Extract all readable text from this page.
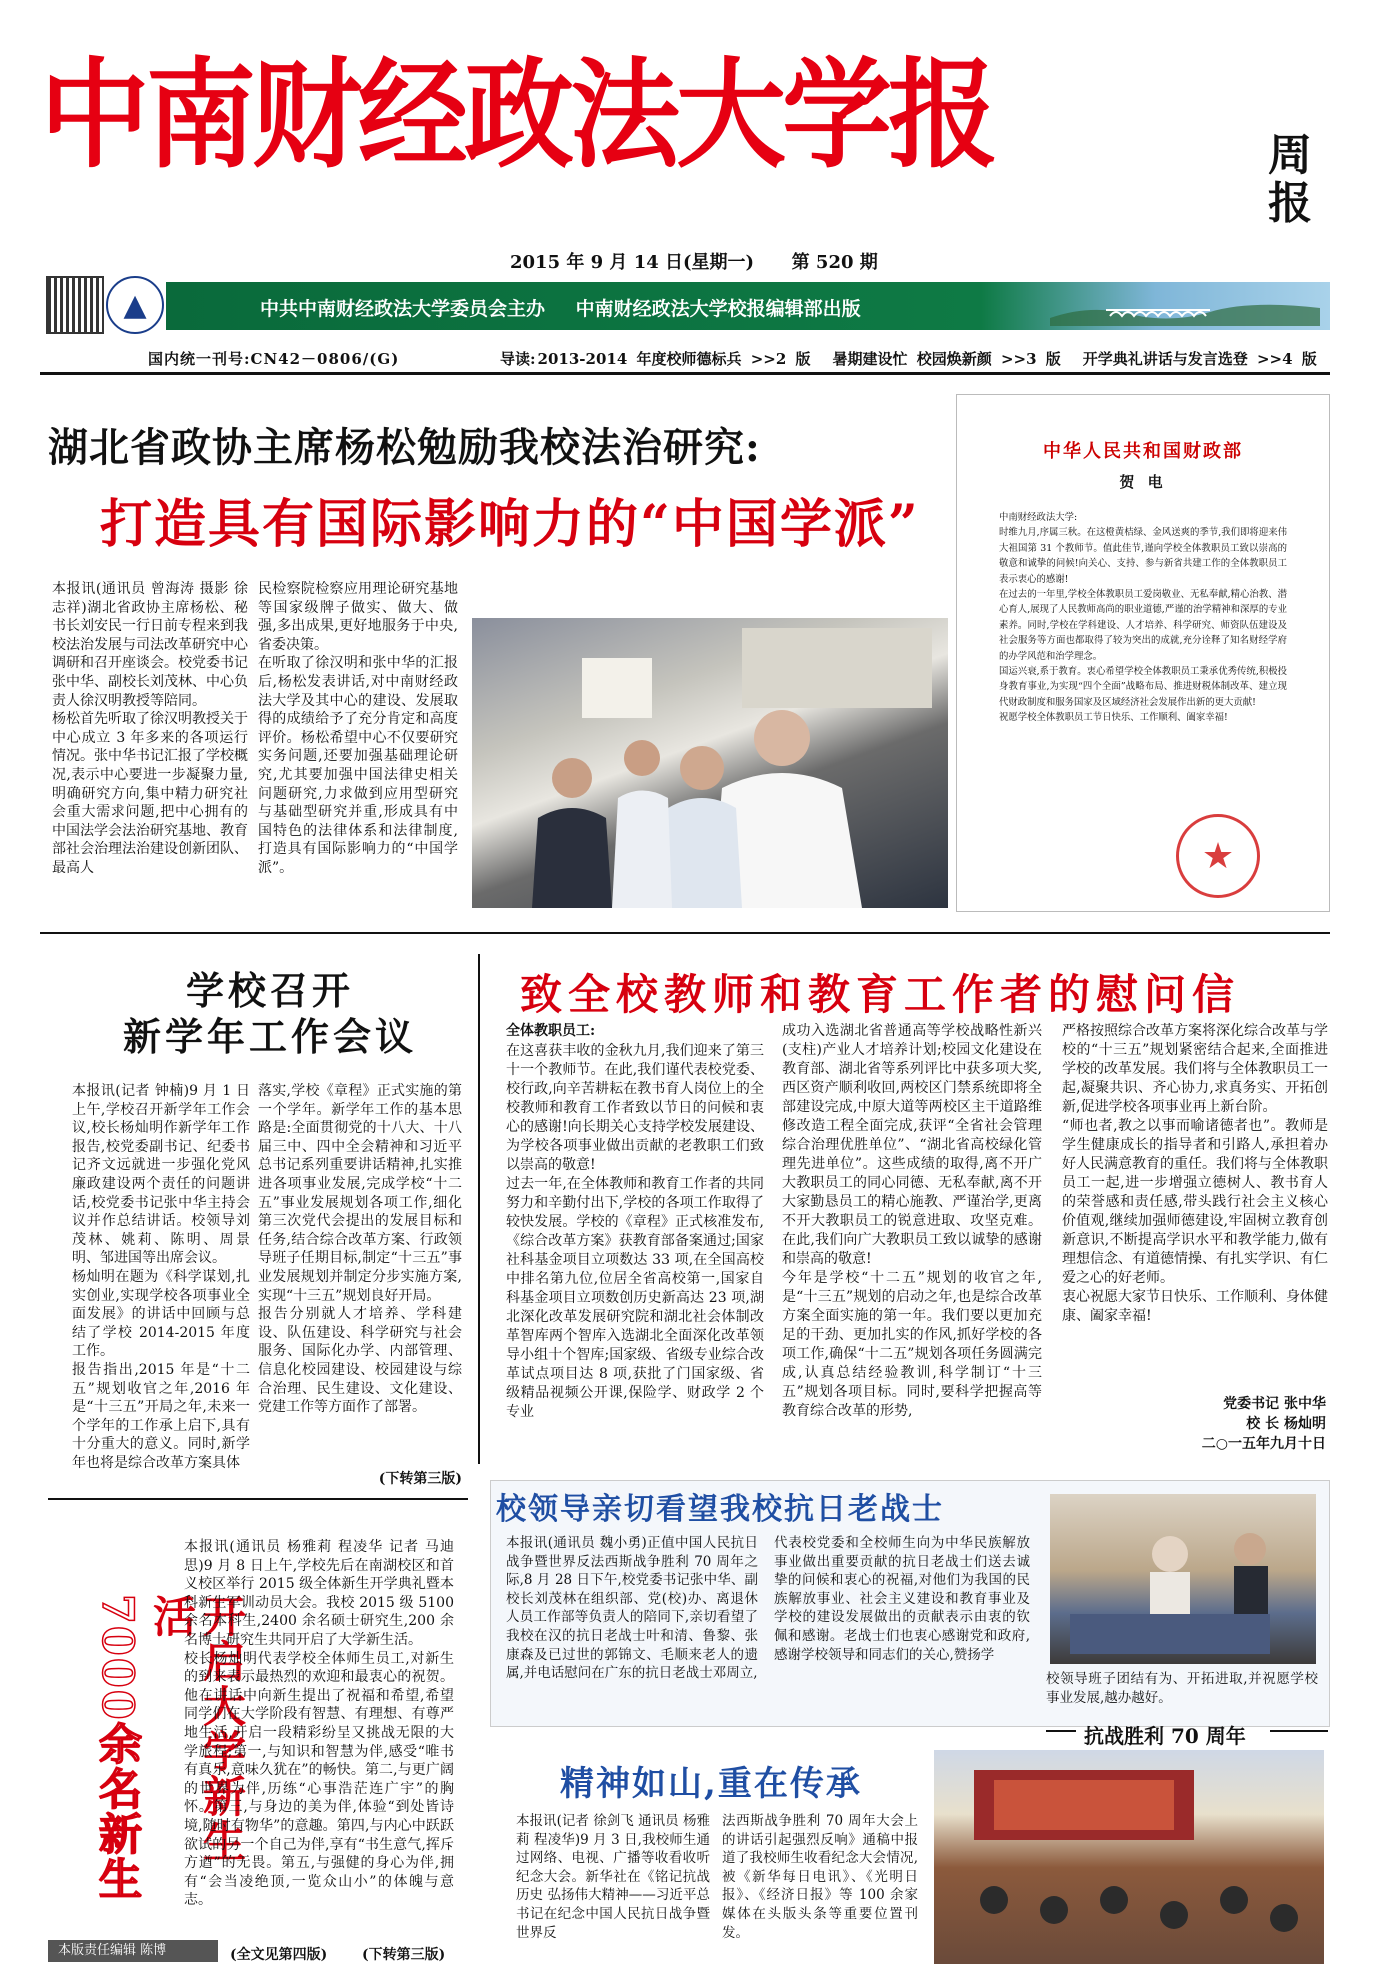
中南财经政法大学报	周报
2015 年 9 月 14 日(星期一) 第 520 期
▲	中共中南财经政法大学委员会主办 中南财经政法大学校报编辑部出版
国内统一刊号:CN42－0806/(G)	导读: 2013-2014 年度校师德标兵 >>2 版 暑期建设忙 校园焕新颜 >>3 版 开学典礼讲话与发言选登 >>4 版
湖北省政协主席杨松勉励我校法治研究:
打造具有国际影响力的“中国学派”
本报讯(通讯员 曾海涛 摄影 徐志祥)湖北省政协主席杨松、秘书长刘安民一行日前专程来到我校法治发展与司法改革研究中心调研和召开座谈会。校党委书记张中华、副校长刘茂林、中心负责人徐汉明教授等陪同。
杨松首先听取了徐汉明教授关于中心成立 3 年多来的各项运行情况。张中华书记汇报了学校概况,表示中心要进一步凝聚力量,明确研究方向,集中精力研究社会重大需求问题,把中心拥有的中国法学会法治研究基地、教育部社会治理法治建设创新团队、最高人
民检察院检察应用理论研究基地等国家级牌子做实、做大、做强,多出成果,更好地服务于中央,省委决策。
在听取了徐汉明和张中华的汇报后,杨松发表讲话,对中南财经政法大学及其中心的建设、发展取得的成绩给予了充分肯定和高度评价。杨松希望中心不仅要研究实务问题,还要加强基础理论研究,尤其要加强中国法律史相关问题研究,力求做到应用型研究与基础型研究并重,形成具有中国特色的法律体系和法律制度,打造具有国际影响力的“中国学派”。
中华人民共和国财政部
贺 电
中南财经政法大学:
时维九月,序属三秋。在这橙黄桔绿、金风送爽的季节,我们即将迎来伟大祖国第 31 个教师节。值此佳节,谨向学校全体教职员工致以崇高的敬意和诚挚的问候!向关心、支持、参与新省共建工作的全体教职员工表示衷心的感谢!
在过去的一年里,学校全体教职员工爱岗敬业、无私奉献,精心治教、潜心育人,展现了人民教师高尚的职业道德,严谨的治学精神和深厚的专业素养。同时,学校在学科建设、人才培养、科学研究、师资队伍建设及社会服务等方面也都取得了较为突出的成就,充分诠释了知名财经学府的办学风范和治学理念。
国运兴衰,系于教育。衷心希望学校全体教职员工秉承优秀传统,积极投身教育事业,为实现“四个全面”战略布局、推进财税体制改革、建立现代财政制度和服务国家及区域经济社会发展作出新的更大贡献!
祝愿学校全体教职员工节日快乐、工作顺利、阖家幸福!
★
学校召开
新学年工作会议
本报讯(记者 钟楠)9 月 1 日上午,学校召开新学年工作会议,校长杨灿明作新学年工作报告,校党委副书记、纪委书记齐文远就进一步强化党风廉政建设两个责任的问题讲话,校党委书记张中华主持会议并作总结讲话。校领导刘茂林、姚莉、陈明、周景明、邹进国等出席会议。
杨灿明在题为《科学谋划,扎实创业,实现学校各项事业全面发展》的讲话中回顾与总结了学校 2014-2015 年度工作。
报告指出,2015 年是“十二五”规划收官之年,2016 年是“十三五”开局之年,未来一个学年的工作承上启下,具有十分重大的意义。同时,新学年也将是综合改革方案具体
落实,学校《章程》正式实施的第一个学年。新学年工作的基本思路是:全面贯彻党的十八大、十八届三中、四中全会精神和习近平总书记系列重要讲话精神,扎实推进各项事业发展,完成学校“十二五”事业发展规划各项工作,细化第三次党代会提出的发展目标和任务,结合综合改革方案、行政领导班子任期目标,制定“十三五”事业发展规划并制定分步实施方案,实现“十三五”规划良好开局。
报告分别就人才培养、学科建设、队伍建设、科学研究与社会服务、国际化办学、内部管理、信息化校园建设、校园建设与综合治理、民生建设、文化建设、党建工作等方面作了部署。
(下转第三版)
致全校教师和教育工作者的慰问信
全体教职员工:
在这喜获丰收的金秋九月,我们迎来了第三十一个教师节。在此,我们谨代表校党委、校行政,向辛苦耕耘在教书育人岗位上的全校教师和教育工作者致以节日的问候和衷心的感谢!向长期关心支持学校发展建设、为学校各项事业做出贡献的老教职工们致以崇高的敬意!
过去一年,在全体教师和教育工作者的共同努力和辛勤付出下,学校的各项工作取得了较快发展。学校的《章程》正式核准发布,《综合改革方案》获教育部备案通过;国家社科基金项目立项数达 33 项,在全国高校中排名第九位,位居全省高校第一,国家自科基金项目立项数创历史新高达 23 项,湖北深化改革发展研究院和湖北社会体制改革智库两个智库入选湖北全面深化改革领导小组十个智库;国家级、省级专业综合改革试点项目达 8 项,获批了门国家级、省级精品视频公开课,保险学、财政学 2 个专业
成功入选湖北省普通高等学校战略性新兴(支柱)产业人才培养计划;校园文化建设在教育部、湖北省等系列评比中获多项大奖,西区资产顺利收回,两校区门禁系统即将全部建设完成,中原大道等两校区主干道路维修改造工程全面完成,获评“全省社会管理综合治理优胜单位”、“湖北省高校绿化管理先进单位”。这些成绩的取得,离不开广大教职员工的同心同德、无私奉献,离不开大家勤恳员工的精心施教、严谨治学,更离不开大教职员工的锐意进取、攻坚克难。在此,我们向广大教职员工致以诚挚的感谢和崇高的敬意!
今年是学校“十二五”规划的收官之年,是“十三五”规划的启动之年,也是综合改革方案全面实施的第一年。我们要以更加充足的干劲、更加扎实的作风,抓好学校的各项工作,确保“十二五”规划各项任务圆满完成,认真总结经验教训,科学制订“十三五”规划各项目标。同时,要科学把握高等教育综合改革的形势,
严格按照综合改革方案将深化综合改革与学校的“十三五”规划紧密结合起来,全面推进学校的改革发展。我们将与全体教职员工一起,凝聚共识、齐心协力,求真务实、开拓创新,促进学校各项事业再上新台阶。
“师也者,教之以事而喻诸德者也”。教师是学生健康成长的指导者和引路人,承担着办好人民满意教育的重任。我们将与全体教职员工一起,进一步增强立德树人、教书育人的荣誉感和责任感,带头践行社会主义核心价值观,继续加强师德建设,牢固树立教育创新意识,不断提高学识水平和教学能力,做有理想信念、有道德情操、有扎实学识、有仁爱之心的好老师。
衷心祝愿大家节日快乐、工作顺利、身体健康、阖家幸福!
党委书记 张中华
校 长 杨灿明
二○一五年九月十日
开启大学新生活
7000余名新生
本报讯(通讯员 杨雅莉 程凌华 记者 马迪思)9 月 8 日上午,学校先后在南湖校区和首义校区举行 2015 级全体新生开学典礼暨本科新生军训动员大会。我校 2015 级 5100 余名本科生,2400 余名硕士研究生,200 余名博士研究生共同开启了大学新生活。
校长杨灿明代表学校全体师生员工,对新生的到来表示最热烈的欢迎和最衷心的祝贺。他在讲话中向新生提出了祝福和希望,希望同学们在大学阶段有智慧、有理想、有尊严地生活,开启一段精彩纷呈又挑战无限的大学旅程;第一,与知识和智慧为伴,感受“唯书有真乐,意味久犹在”的畅快。第二,与更广阔的世界为伴,历练“心事浩茫连广宇”的胸怀。第三,与身边的美为伴,体验“到处皆诗境,随时有物华”的意趣。第四,与内心中跃跃欲试的另一个自己为伴,享有“书生意气,挥斥方遒”的无畏。第五,与强健的身心为伴,拥有“会当凌绝顶,一览众山小”的体魄与意志。
(全文见第四版)	(下转第三版)
本版责任编辑 陈博
校领导亲切看望我校抗日老战士
本报讯(通讯员 魏小勇)正值中国人民抗日战争暨世界反法西斯战争胜利 70 周年之际,8 月 28 日下午,校党委书记张中华、副校长刘茂林在组织部、党(校)办、离退休人员工作部等负责人的陪同下,亲切看望了我校在汉的抗日老战士叶和清、鲁黎、张康森及已过世的郭锦文、毛顺来老人的遗属,并电话慰问在广东的抗日老战士邓周立,
代表校党委和全校师生向为中华民族解放事业做出重要贡献的抗日老战士们送去诚挚的问候和衷心的祝福,对他们为我国的民族解放事业、社会主义建设和教育事业及学校的建设发展做出的贡献表示由衷的钦佩和感谢。老战士们也衷心感谢党和政府,感谢学校领导和同志们的关心,赞扬学
校领导班子团结有为、开拓进取,并祝愿学校事业发展,越办越好。
抗战胜利 70 周年
精神如山,重在传承
本报讯(记者 徐剑飞 通讯员 杨雅莉 程凌华)9 月 3 日,我校师生通过网络、电视、广播等收看收听纪念大会。新华社在《铭记抗战历史 弘扬伟大精神——习近平总书记在纪念中国人民抗日战争暨世界反
法西斯战争胜利 70 周年大会上的讲话引起强烈反响》通稿中报道了我校师生收看纪念大会情况,被《新华每日电讯》、《光明日报》、《经济日报》等 100 余家媒体在头版头条等重要位置刊发。
